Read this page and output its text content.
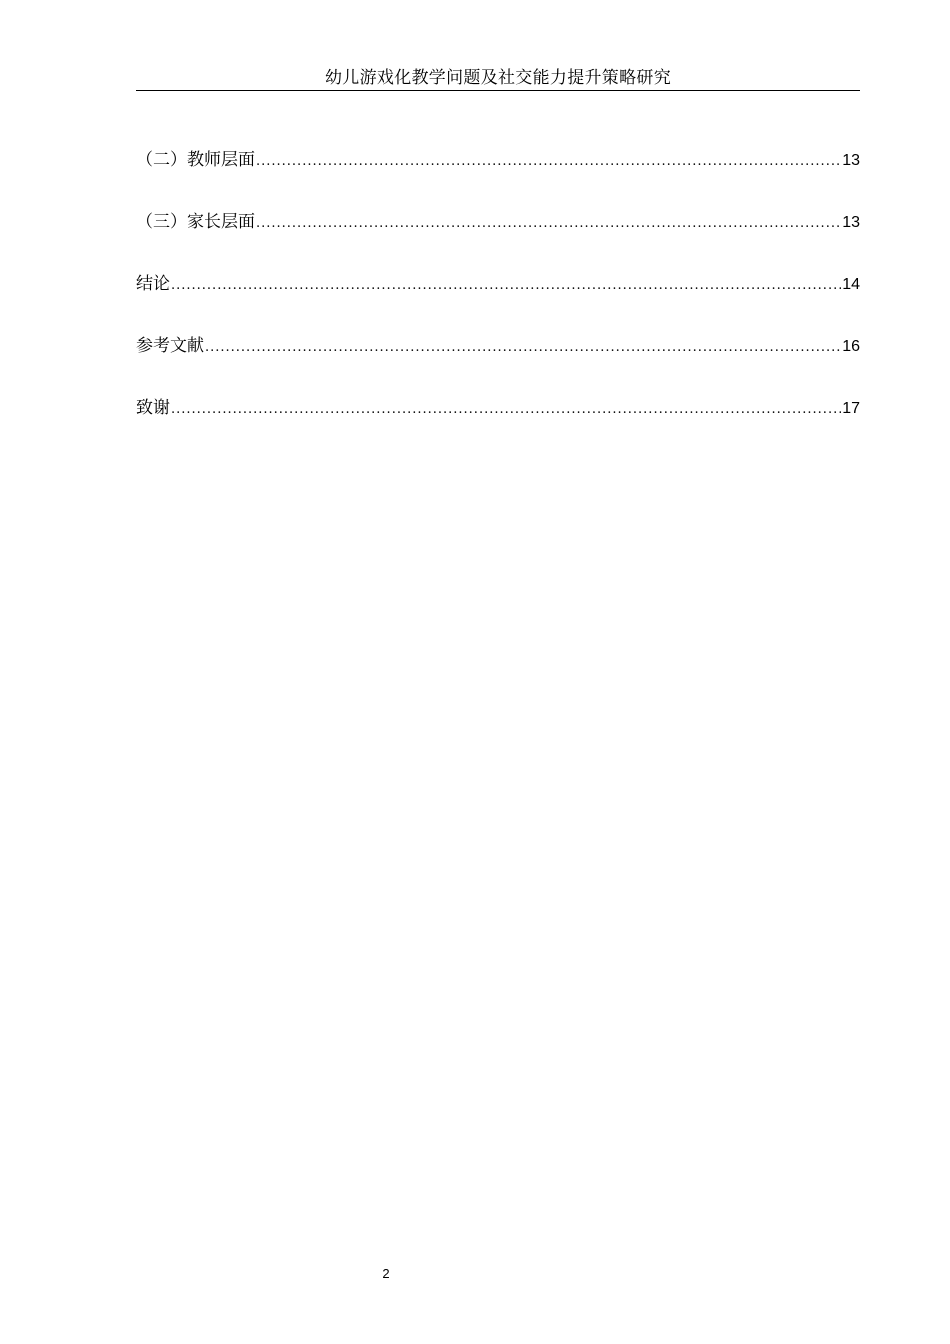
幼儿游戏化教学问题及社交能力提升策略研究
（二）教师层面 .....	13
（三）家长层面 .....	13
结论 .....	14
参考文献 .....	16
致谢 .....	17
2
